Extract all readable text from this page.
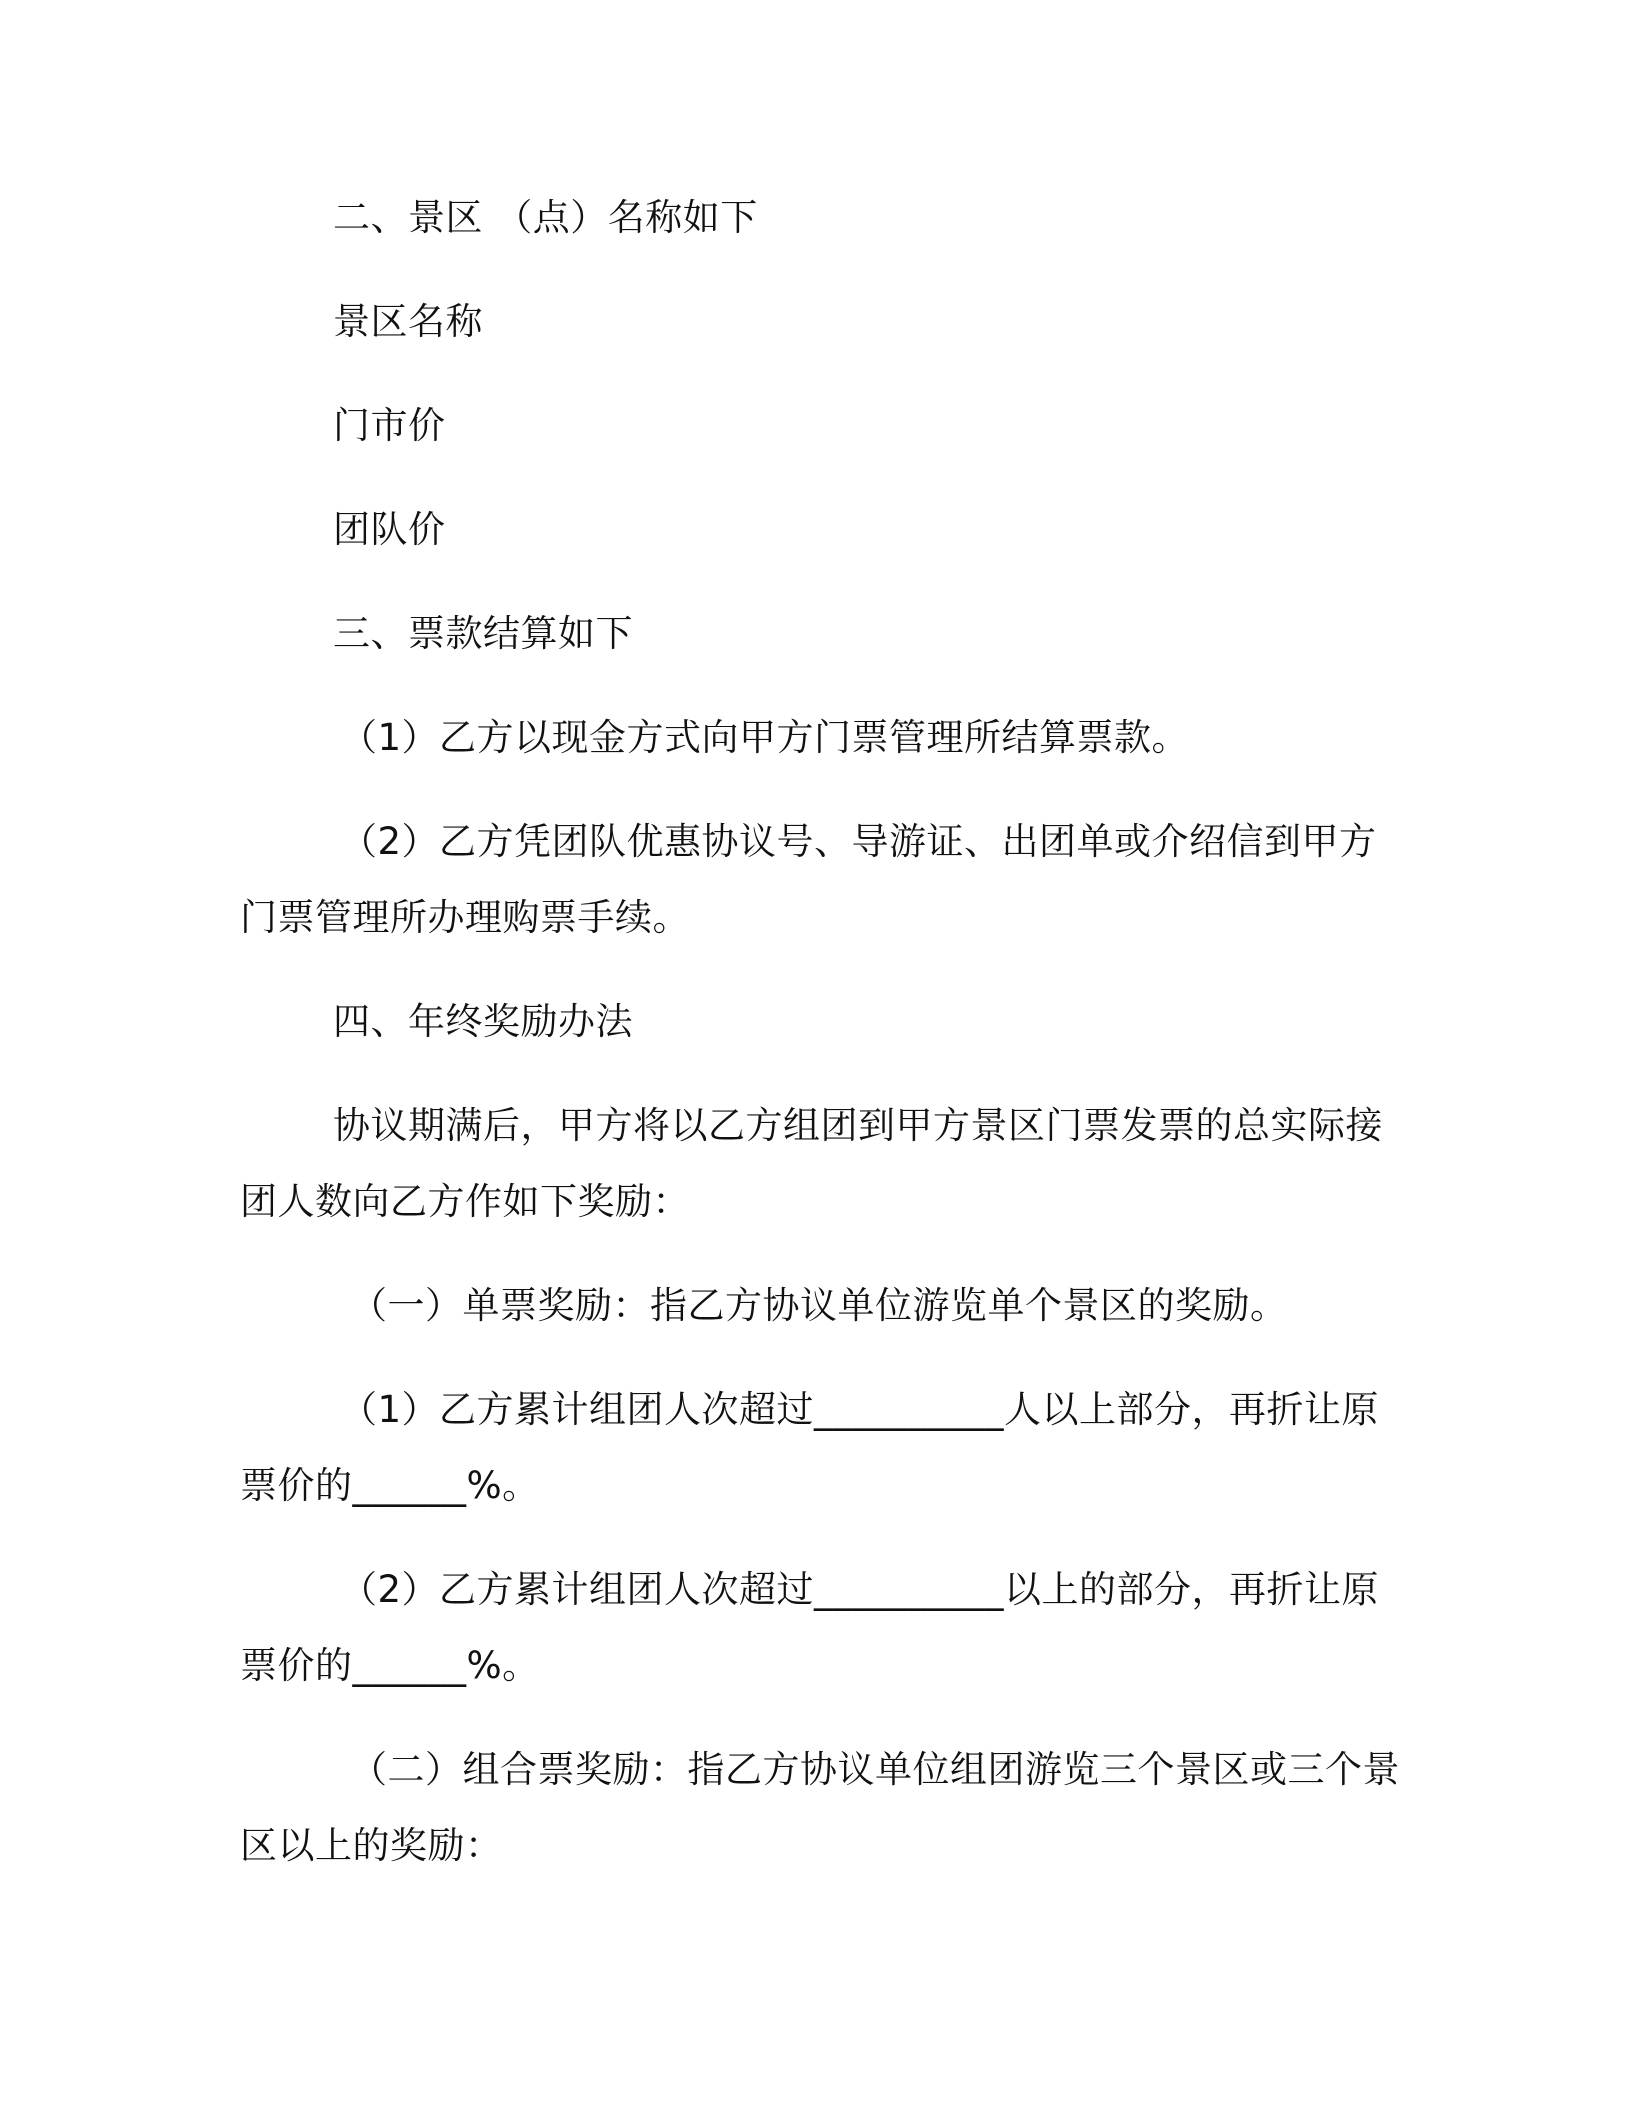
二、景区 （点）名称如下
景区名称
门市价
团队价
三、票款结算如下
（1）乙方以现金方式向甲方门票管理所结算票款。
（2）乙方凭团队优惠协议号、导游证、出团单或介绍信到甲方
门票管理所办理购票手续。
四、年终奖励办法
协议期满后，甲方将以乙方组团到甲方景区门票发票的总实际接
团人数向乙方作如下奖励：
（一）单票奖励：指乙方协议单位游览单个景区的奖励。
（1）乙方累计组团人次超过__________人以上部分，再折让原
票价的______%。
（2）乙方累计组团人次超过__________以上的部分，再折让原
票价的______%。
（二）组合票奖励：指乙方协议单位组团游览三个景区或三个景
区以上的奖励：
